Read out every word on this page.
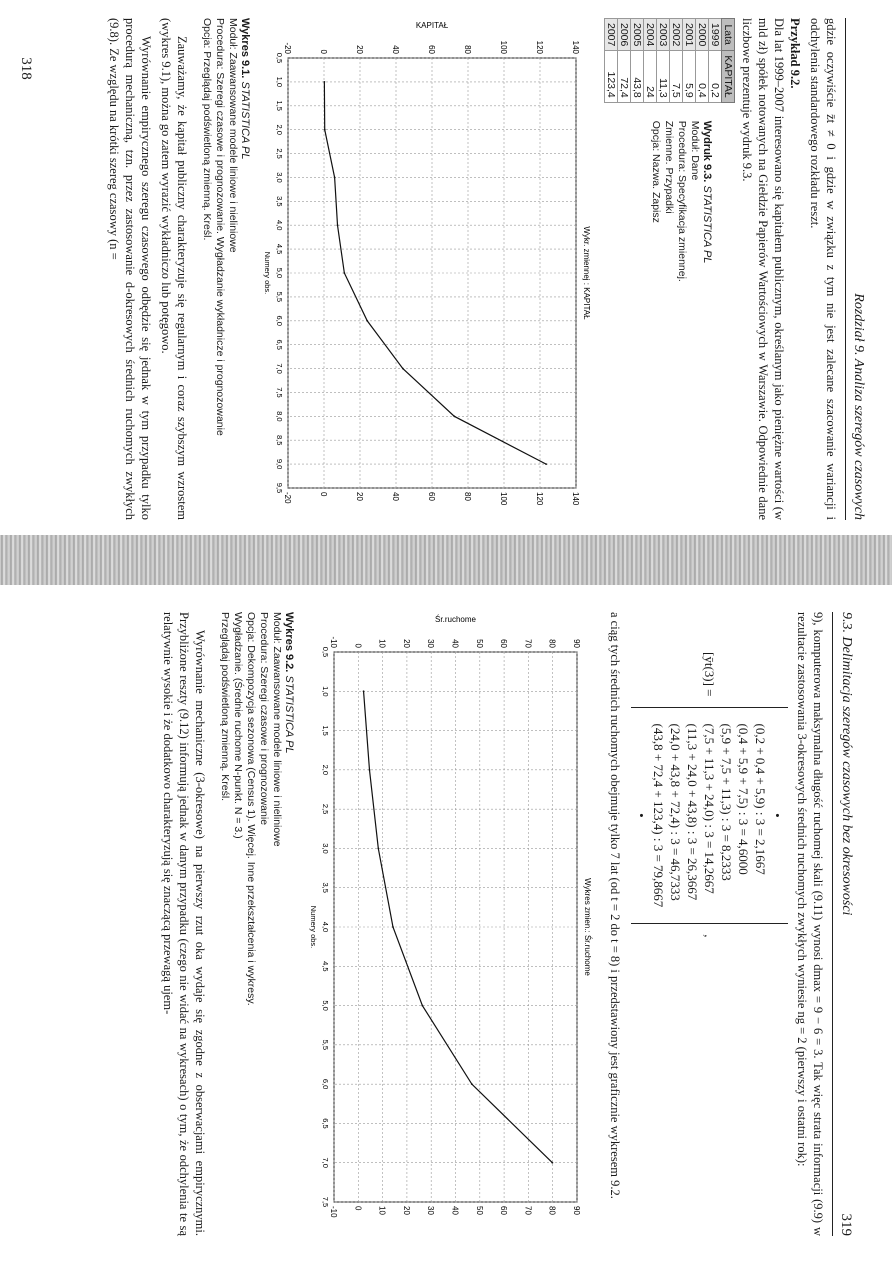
Rozdział 9. Analiza szeregów czasowych

gdzie oczywiście z̄t ≠ 0 i gdzie w związku z tym nie jest zalecane szacowanie wariancji i odchylenia standardowego rozkładu reszt.

Przykład 9.2.

Dla lat 1999–2007 interesowano się kapitałem publicznym, określanym jako pieniężne wartości (w mld zł) spółek notowanych na Giełdzie Papierów Wartościowych w Warszawie. Odpowiednie dane liczbowe prezentuje wydruk 9.3.

Lata	KAPITAŁ
1999	0,2
2000	0,4
2001	5,9
2002	7,5
2003	11,3
2004	24
2005	43,8
2006	72,4
2007	123,4

Wydruk 9.3. STATISTICA PL

Moduł: Dane

Procedura: Specyfikacja zmiennej.

Zmienne. Przypadki

Opcja: Nazwa. Zapisz

Wykr. zmiennej : KAPITAŁ
-20
-20
0
0
20
20
40
40
60
60
80
80
100
100
120
120
140
140
0,5
1,0
1,5
2,0
2,5
3,0
3,5
4,0
4,5
5,0
5,5
6,0
6,5
7,0
7,5
8,0
8,5
9,0
9,5
Numery obs.
KAPITAŁ

Wykres 9.1. STATISTICA PL

Moduł: Zaawansowane modele liniowe i nieliniowe

Procedura: Szeregi czasowe i prognozowanie. Wygładzanie wykładnicze i prognozowanie

Opcja: Przeglądaj podświetloną zmienną. Kreśl.

Zauważamy, że kapitał publiczny charakteryzuje się regularnym i coraz szybszym wzrostem (wykres 9.1), można go zatem wyrazić wykładniczo lub potęgowo.

Wyrównanie empirycznego szeregu czasowego odbędzie się jednak w tym przypadku tylko procedurą mechaniczną, tzn. przez zastosowanie d-okresowych średnich ruchomych zwykłych (9.8). Ze względu na krótki szereg czasowy (n =

318
9.3. Delimitacja szeregów czasowych bez okresowości
319

9), komputerowa maksymalna długość ruchomej skali (9.11) wynosi dmax = 9 − 6 = 3. Tak więc strata informacji (9.9) w rezultacie zastosowania 3-okresowych średnich ruchomych zwykłych wyniesie ng = 2 (pierwszy i ostatni rok):

[ȳt(3)] =
•
(0,2 + 0,4 + 5,9) : 3 = 2,1667
(0,4 + 5,9 + 7,5) : 3 = 4,6000
(5,9 + 7,5 + 11,3) : 3 = 8,2333
(7,5 + 11,3 + 24,0) : 3 = 14,2667
(11,3 + 24,0 + 43,8) : 3 = 26,3667
(24,0 + 43,8 + 72,4) : 3 = 46,7333
(43,8 + 72,4 + 123,4) : 3 = 79,8667
•
,

a ciąg tych średnich ruchomych obejmuje tylko 7 lat (od t = 2 do t = 8) i przedstawiony jest graficznie wykresem 9.2.

Wykres zmien.: Śr.ruchome
-10
-10
0
0
10
10
20
20
30
30
40
40
50
50
60
60
70
70
80
80
90
90
0,5
1,0
1,5
2,0
2,5
3,0
3,5
4,0
4,5
5,0
5,5
6,0
6,5
7,0
7,5
Numery obs.
Śr.ruchome

Wykres 9.2. STATISTICA PL

Moduł: Zaawansowane modele liniowe i nieliniowe

Procedura: Szeregi czasowe i prognozowanie

Opcja: Dekompozycja sezonowa (Census 1). Więcej. Inne przekształcenia i wykresy.

Wygładzanie. (Średnie ruchome N-punkt. N = 3.)

Przeglądaj podświetloną zmienną. Kreśl.

Wyrównanie mechaniczne (3-okresowe) na pierwszy rzut oka wydaje się zgodne z obserwacjami empirycznymi. Przybliżone reszty (9.12) informują jednak w danym przypadku (czego nie widać na wykresach) o tym, że odchylenia te są relatywnie wysokie i że dodatkowo charakteryzują się znaczącą przewagą ujem-
